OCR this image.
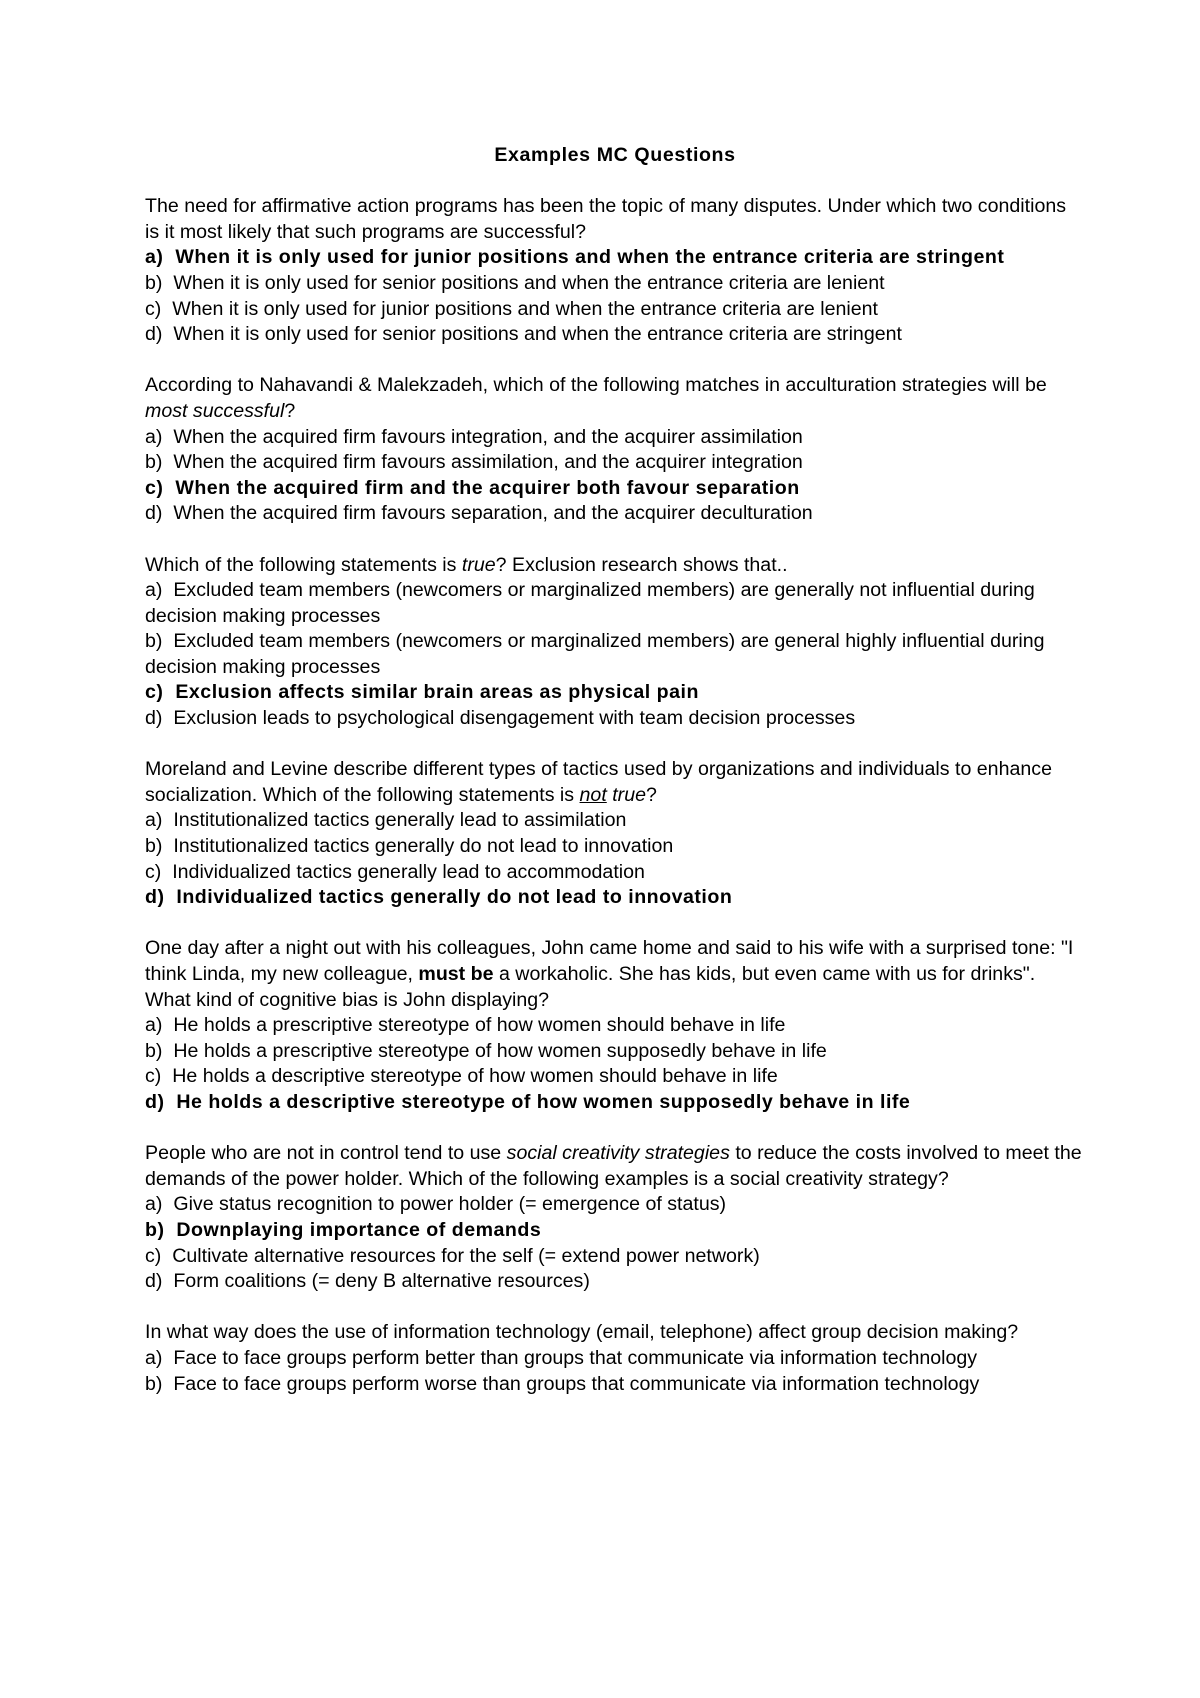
Examples MC Questions

The need for affirmative action programs has been the topic of many disputes. Under which two conditions is it most likely that such programs are successful?

a) When it is only used for junior positions and when the entrance criteria are stringent

b) When it is only used for senior positions and when the entrance criteria are lenient

c) When it is only used for junior positions and when the entrance criteria are lenient

d) When it is only used for senior positions and when the entrance criteria are stringent

According to Nahavandi & Malekzadeh, which of the following matches in acculturation strategies will be most successful?

a) When the acquired firm favours integration, and the acquirer assimilation

b) When the acquired firm favours assimilation, and the acquirer integration

c) When the acquired firm and the acquirer both favour separation

d) When the acquired firm favours separation, and the acquirer deculturation

Which of the following statements is true? Exclusion research shows that..

a) Excluded team members (newcomers or marginalized members) are generally not influential during decision making processes

b) Excluded team members (newcomers or marginalized members) are general highly influential during decision making processes

c) Exclusion affects similar brain areas as physical pain

d) Exclusion leads to psychological disengagement with team decision processes

Moreland and Levine describe different types of tactics used by organizations and individuals to enhance socialization. Which of the following statements is not true?

a) Institutionalized tactics generally lead to assimilation

b) Institutionalized tactics generally do not lead to innovation

c) Individualized tactics generally lead to accommodation

d) Individualized tactics generally do not lead to innovation

One day after a night out with his colleagues, John came home and said to his wife with a surprised tone: "I think Linda, my new colleague, must be a workaholic. She has kids, but even came with us for drinks". What kind of cognitive bias is John displaying?

a) He holds a prescriptive stereotype of how women should behave in life

b) He holds a prescriptive stereotype of how women supposedly behave in life

c) He holds a descriptive stereotype of how women should behave in life

d) He holds a descriptive stereotype of how women supposedly behave in life

People who are not in control tend to use social creativity strategies to reduce the costs involved to meet the demands of the power holder. Which of the following examples is a social creativity strategy?

a) Give status recognition to power holder (= emergence of status)

b) Downplaying importance of demands

c) Cultivate alternative resources for the self (= extend power network)

d) Form coalitions (= deny B alternative resources)

In what way does the use of information technology (email, telephone) affect group decision making?

a) Face to face groups perform better than groups that communicate via information technology

b) Face to face groups perform worse than groups that communicate via information technology
